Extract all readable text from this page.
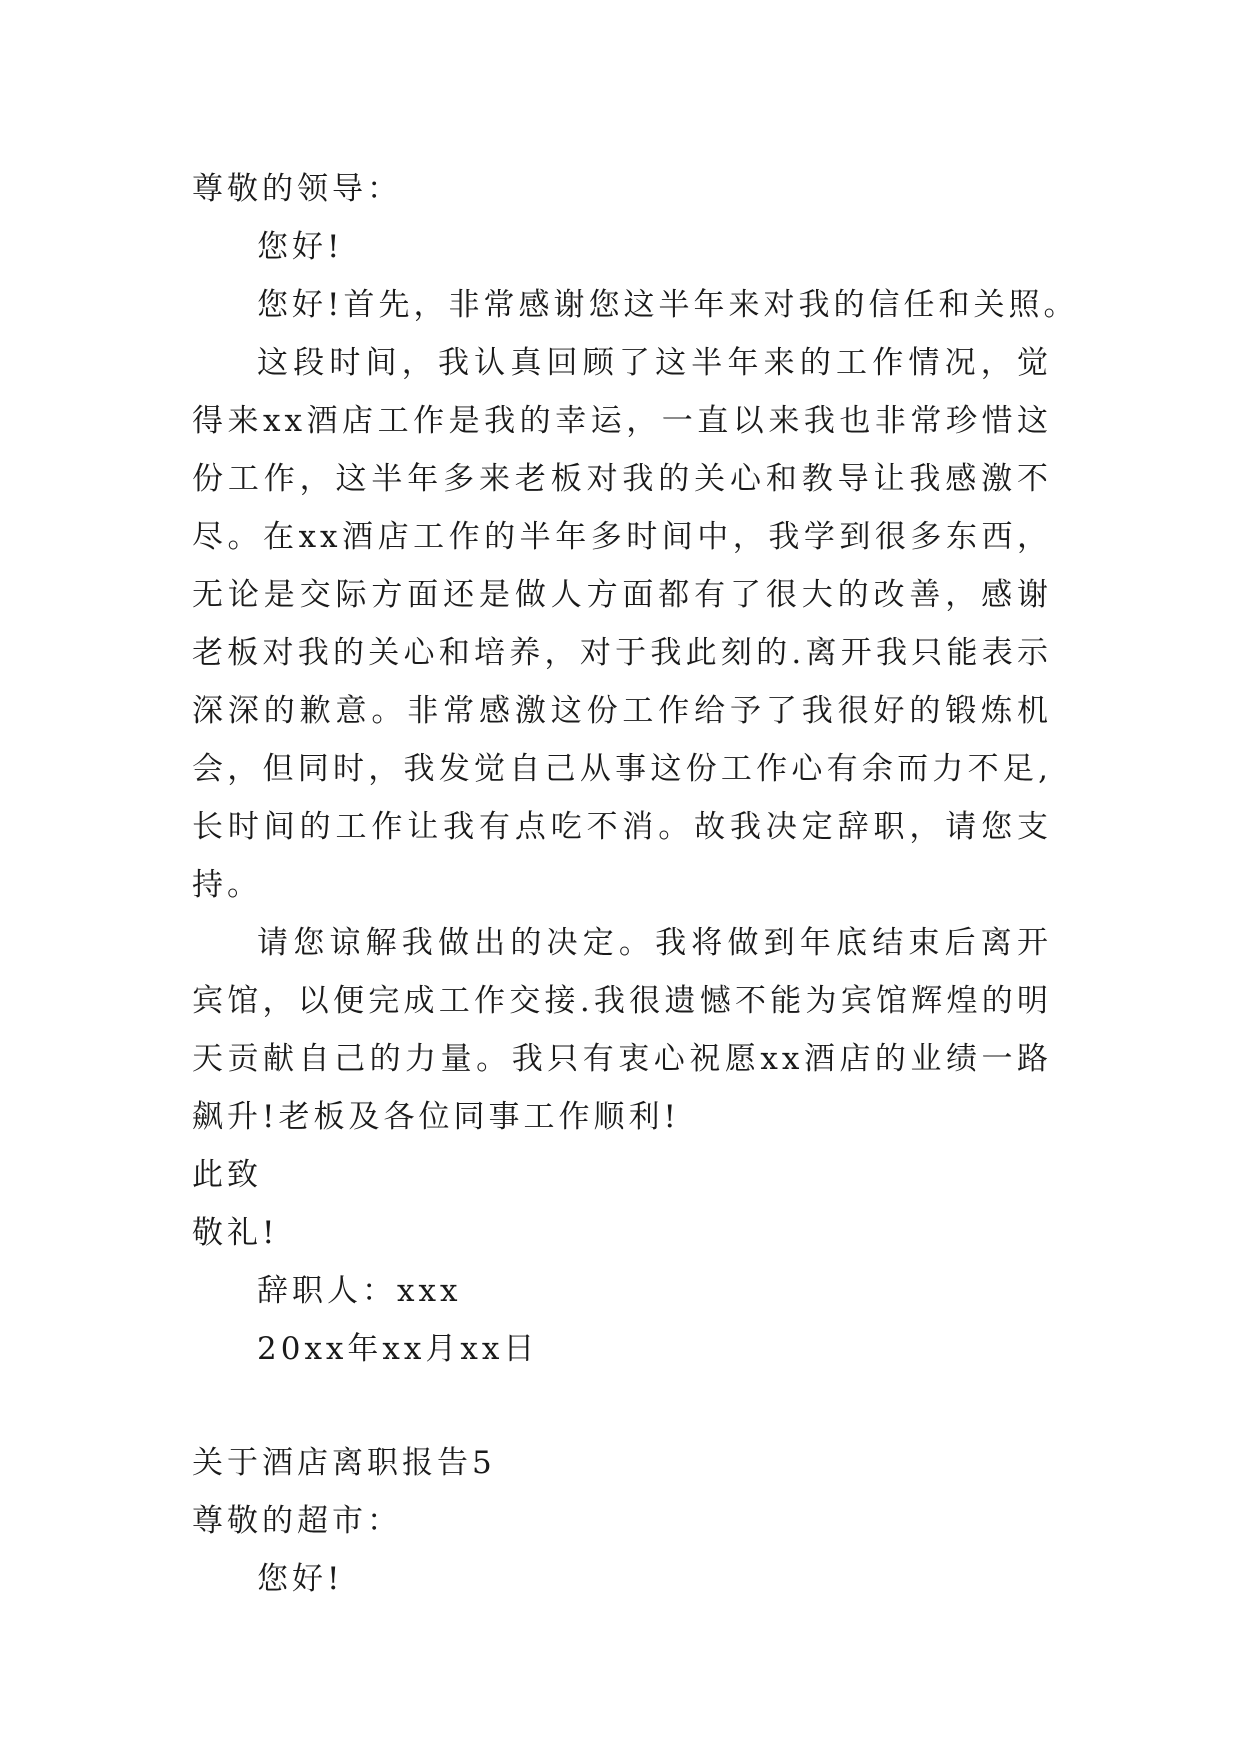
尊敬的领导：

您好!

您好!首先，非常感谢您这半年来对我的信任和关照。

这段时间，我认真回顾了这半年来的工作情况，觉得来xx酒店工作是我的幸运，一直以来我也非常珍惜这份工作，这半年多来老板对我的关心和教导让我感激不尽。在xx酒店工作的半年多时间中，我学到很多东西，无论是交际方面还是做人方面都有了很大的改善，感谢老板对我的关心和培养，对于我此刻的.离开我只能表示深深的歉意。非常感激这份工作给予了我很好的锻炼机会，但同时，我发觉自己从事这份工作心有余而力不足,长时间的工作让我有点吃不消。故我决定辞职，请您支持。

请您谅解我做出的决定。我将做到年底结束后离开宾馆，以便完成工作交接.我很遗憾不能为宾馆辉煌的明天贡献自己的力量。我只有衷心祝愿xx酒店的业绩一路飙升!老板及各位同事工作顺利!

此致

敬礼!

辞职人：xxx

20xx年xx月xx日

关于酒店离职报告5

尊敬的超市：

您好!
